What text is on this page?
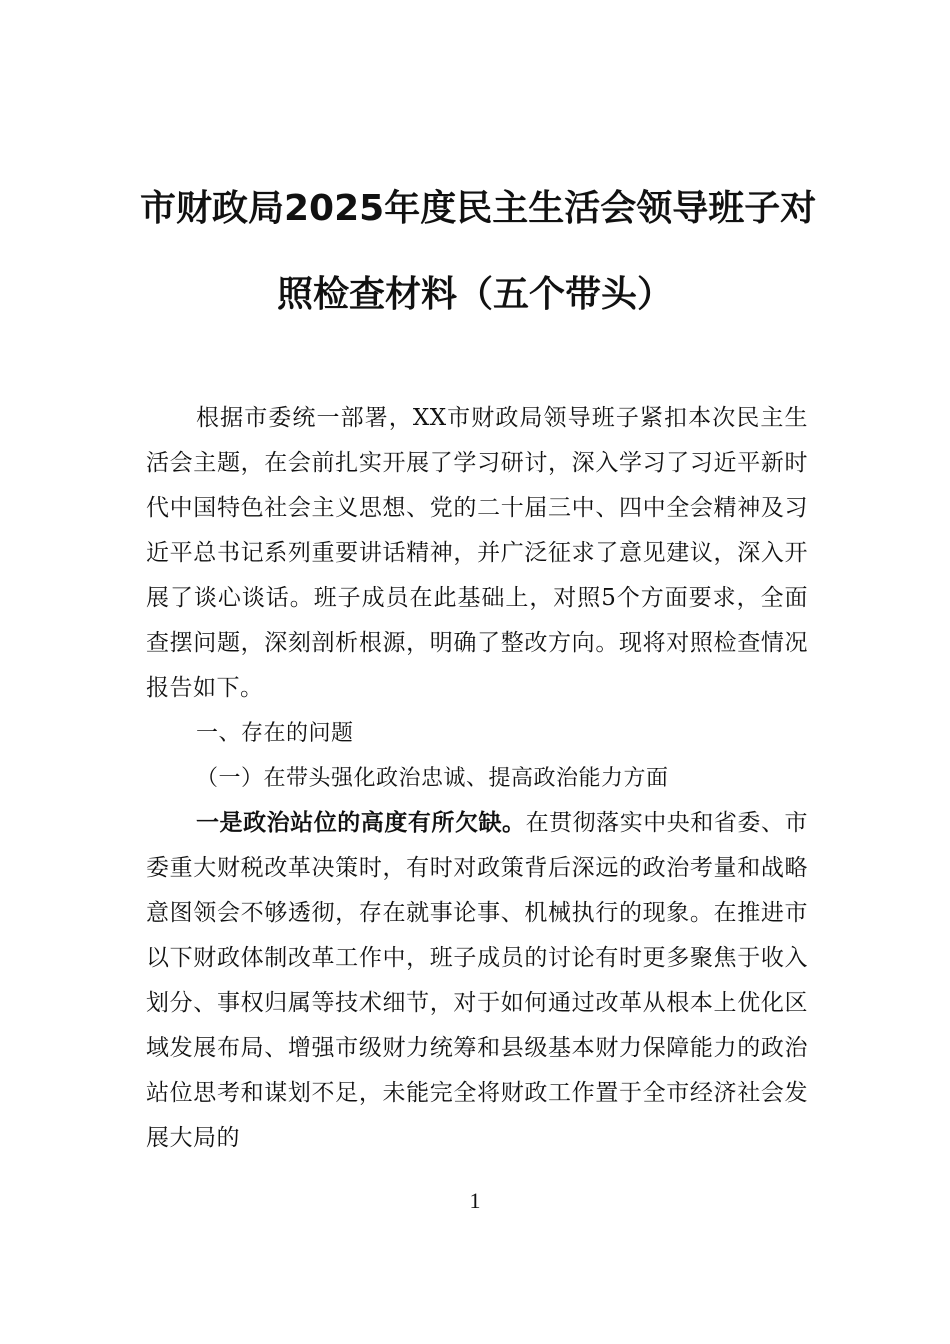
市财政局2025年度民主生活会领导班子对
照检查材料（五个带头）

根据市委统一部署，XX市财政局领导班子紧扣本次民主生活会主题，在会前扎实开展了学习研讨，深入学习了习近平新时代中国特色社会主义思想、党的二十届三中、四中全会精神及习近平总书记系列重要讲话精神，并广泛征求了意见建议，深入开展了谈心谈话。班子成员在此基础上，对照5个方面要求，全面查摆问题，深刻剖析根源，明确了整改方向。现将对照检查情况报告如下。

一、存在的问题

（一）在带头强化政治忠诚、提高政治能力方面

一是政治站位的高度有所欠缺。在贯彻落实中央和省委、市委重大财税改革决策时，有时对政策背后深远的政治考量和战略意图领会不够透彻，存在就事论事、机械执行的现象。在推进市以下财政体制改革工作中，班子成员的讨论有时更多聚焦于收入划分、事权归属等技术细节，对于如何通过改革从根本上优化区域发展布局、增强市级财力统筹和县级基本财力保障能力的政治站位思考和谋划不足，未能完全将财政工作置于全市经济社会发展大局的

1
